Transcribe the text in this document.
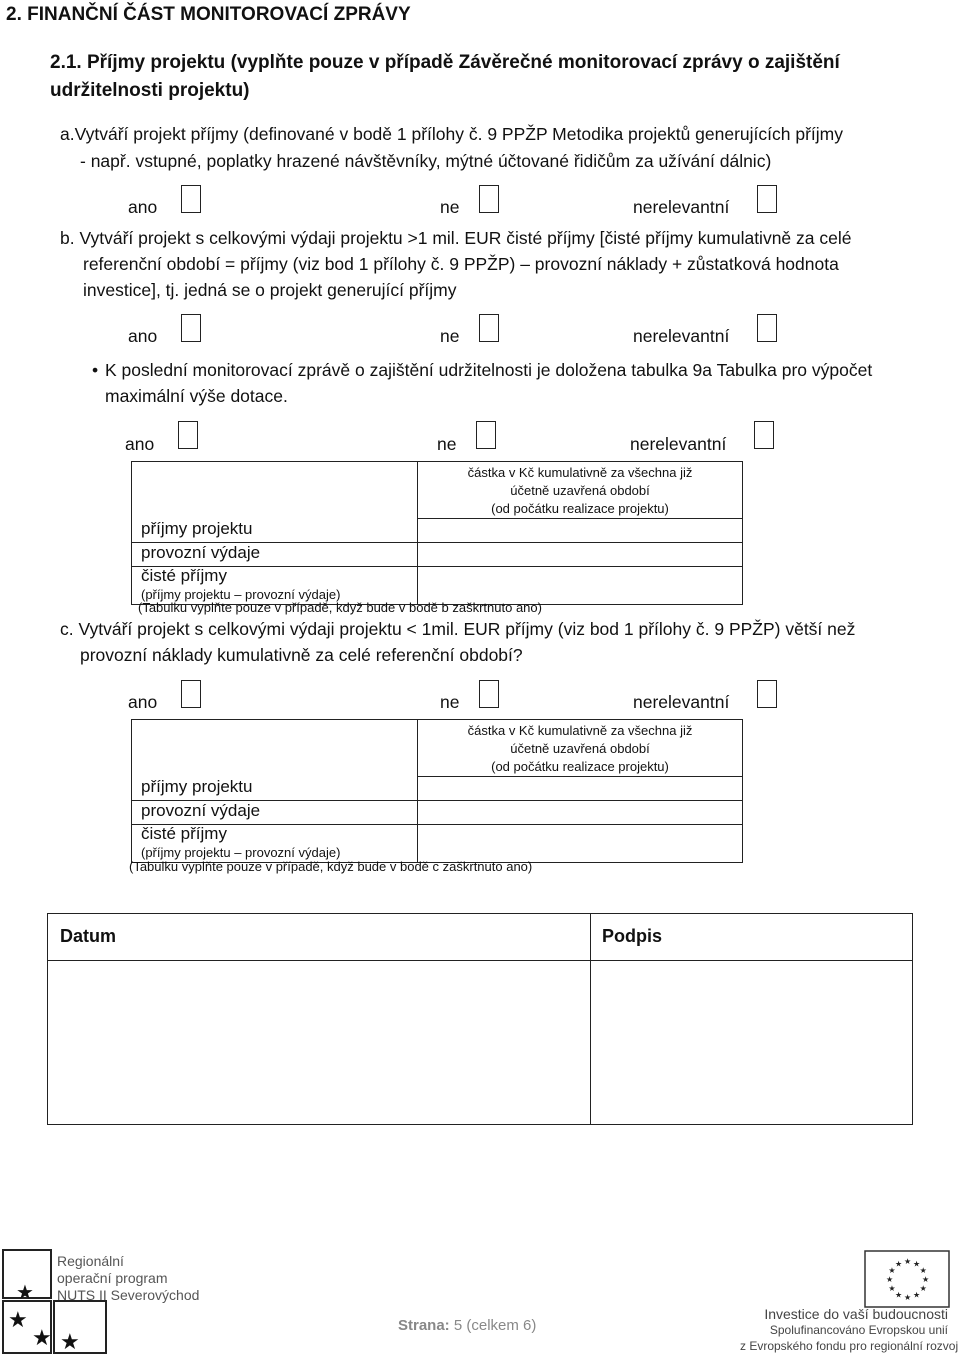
2. FINANČNÍ ČÁST MONITOROVACÍ ZPRÁVY
2.1. Příjmy projektu (vyplňte pouze v případě Závěrečné monitorovací zprávy o zajištění
udržitelnosti projektu)
a.Vytváří projekt příjmy (definované v bodě 1 přílohy č. 9 PPŽP Metodika projektů generujících příjmy
- např. vstupné, poplatky hrazené návštěvníky, mýtné účtované řidičům za užívání dálnic)
ano	ne	nerelevantní
b. Vytváří projekt s celkovými výdaji projektu >1 mil. EUR čisté příjmy [čisté příjmy kumulativně za celé
referenční období = příjmy (viz bod 1 přílohy č. 9 PPŽP) – provozní náklady + zůstatková hodnota
investice], tj. jedná se o projekt generující příjmy
ano	ne	nerelevantní
• K poslední monitorovací zprávě o zajištění udržitelnosti je doložena tabulka 9a Tabulka pro výpočet
maximální výše dotace.
ano	ne	nerelevantní
	částka v Kč kumulativně za všechna již
účetně uzavřená období
(od počátku realizace projektu)
příjmy projektu	
provozní výdaje	
čisté příjmy
(příjmy projektu – provozní výdaje)	
(Tabulku vyplňte pouze v případě, když bude v bodě b zaškrtnuto ano)
c. Vytváří projekt s celkovými výdaji projektu < 1mil. EUR příjmy (viz bod 1 přílohy č. 9 PPŽP) větší než
provozní náklady kumulativně za celé referenční období?
ano	ne	nerelevantní
	částka v Kč kumulativně za všechna již
účetně uzavřená období
(od počátku realizace projektu)
příjmy projektu	
provozní výdaje	
čisté příjmy
(příjmy projektu – provozní výdaje)	
(Tabulku vyplňte pouze v případě, když bude v bodě c zaškrtnuto ano)
Datum	Podpis
★
★
★ ★
Regionální
operační program
NUTS II Severovýchod
Strana: 5 (celkem 6)
★ ★
★
★
★
★
★
★
★
★
★
★
Investice do vaší budoucnosti
Spolufinancováno Evropskou unií
z Evropského fondu pro regionální rozvoj
